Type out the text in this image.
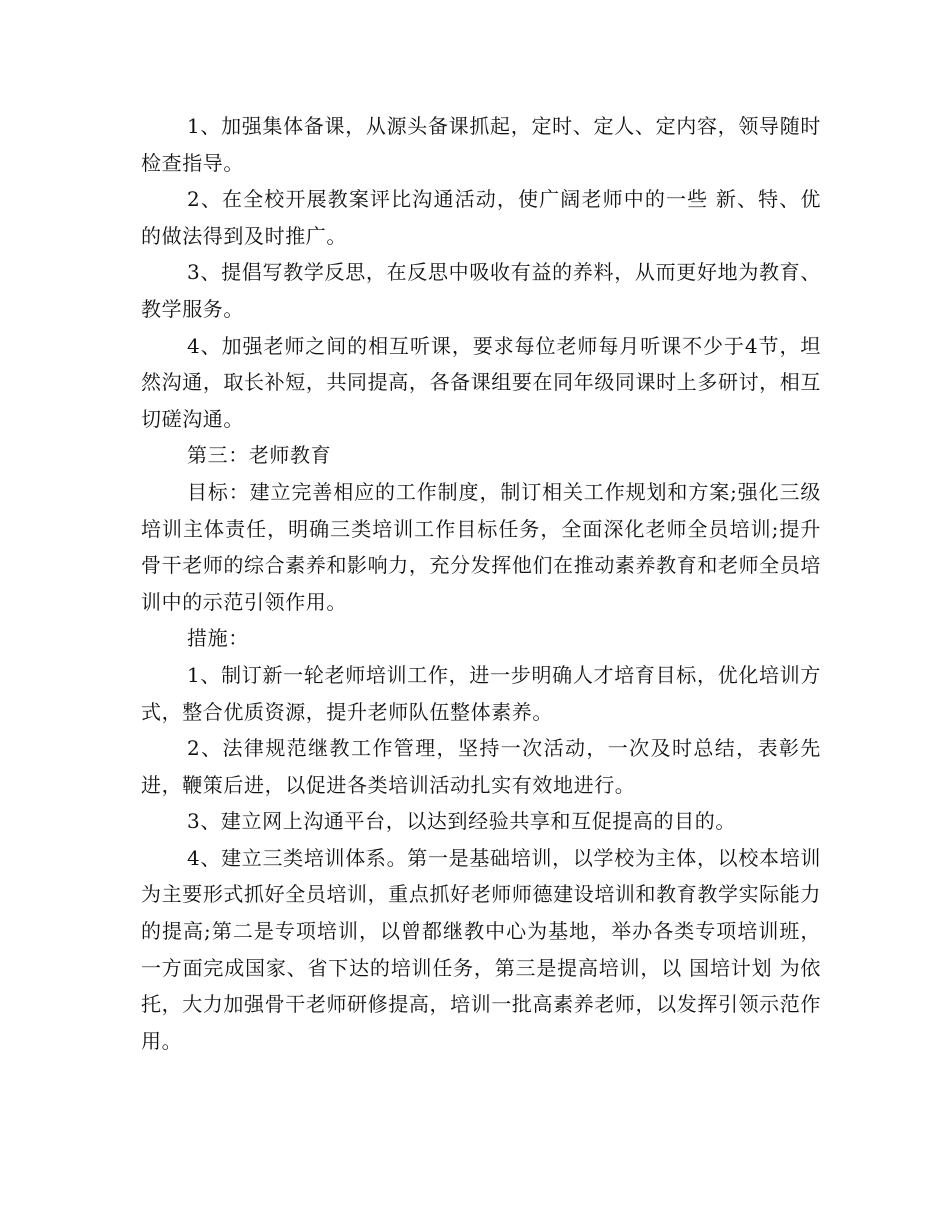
1、加强集体备课，从源头备课抓起，定时、定人、定内容，领导随时检查指导。

2、在全校开展教案评比沟通活动，使广阔老师中的一些 新、特、优 的做法得到及时推广。

3、提倡写教学反思，在反思中吸收有益的养料，从而更好地为教育、教学服务。

4、加强老师之间的相互听课，要求每位老师每月听课不少于4节，坦然沟通，取长补短，共同提高，各备课组要在同年级同课时上多研讨，相互切磋沟通。

第三：老师教育

目标：建立完善相应的工作制度，制订相关工作规划和方案;强化三级培训主体责任，明确三类培训工作目标任务，全面深化老师全员培训;提升骨干老师的综合素养和影响力，充分发挥他们在推动素养教育和老师全员培训中的示范引领作用。

措施：

1、制订新一轮老师培训工作，进一步明确人才培育目标，优化培训方式，整合优质资源，提升老师队伍整体素养。

2、法律规范继教工作管理，坚持一次活动，一次及时总结，表彰先进，鞭策后进，以促进各类培训活动扎实有效地进行。

3、建立网上沟通平台，以达到经验共享和互促提高的目的。

4、建立三类培训体系。第一是基础培训，以学校为主体，以校本培训为主要形式抓好全员培训，重点抓好老师师德建设培训和教育教学实际能力的提高;第二是专项培训，以曾都继教中心为基地，举办各类专项培训班，一方面完成国家、省下达的培训任务，第三是提高培训，以 国培计划 为依托，大力加强骨干老师研修提高，培训一批高素养老师，以发挥引领示范作用。
